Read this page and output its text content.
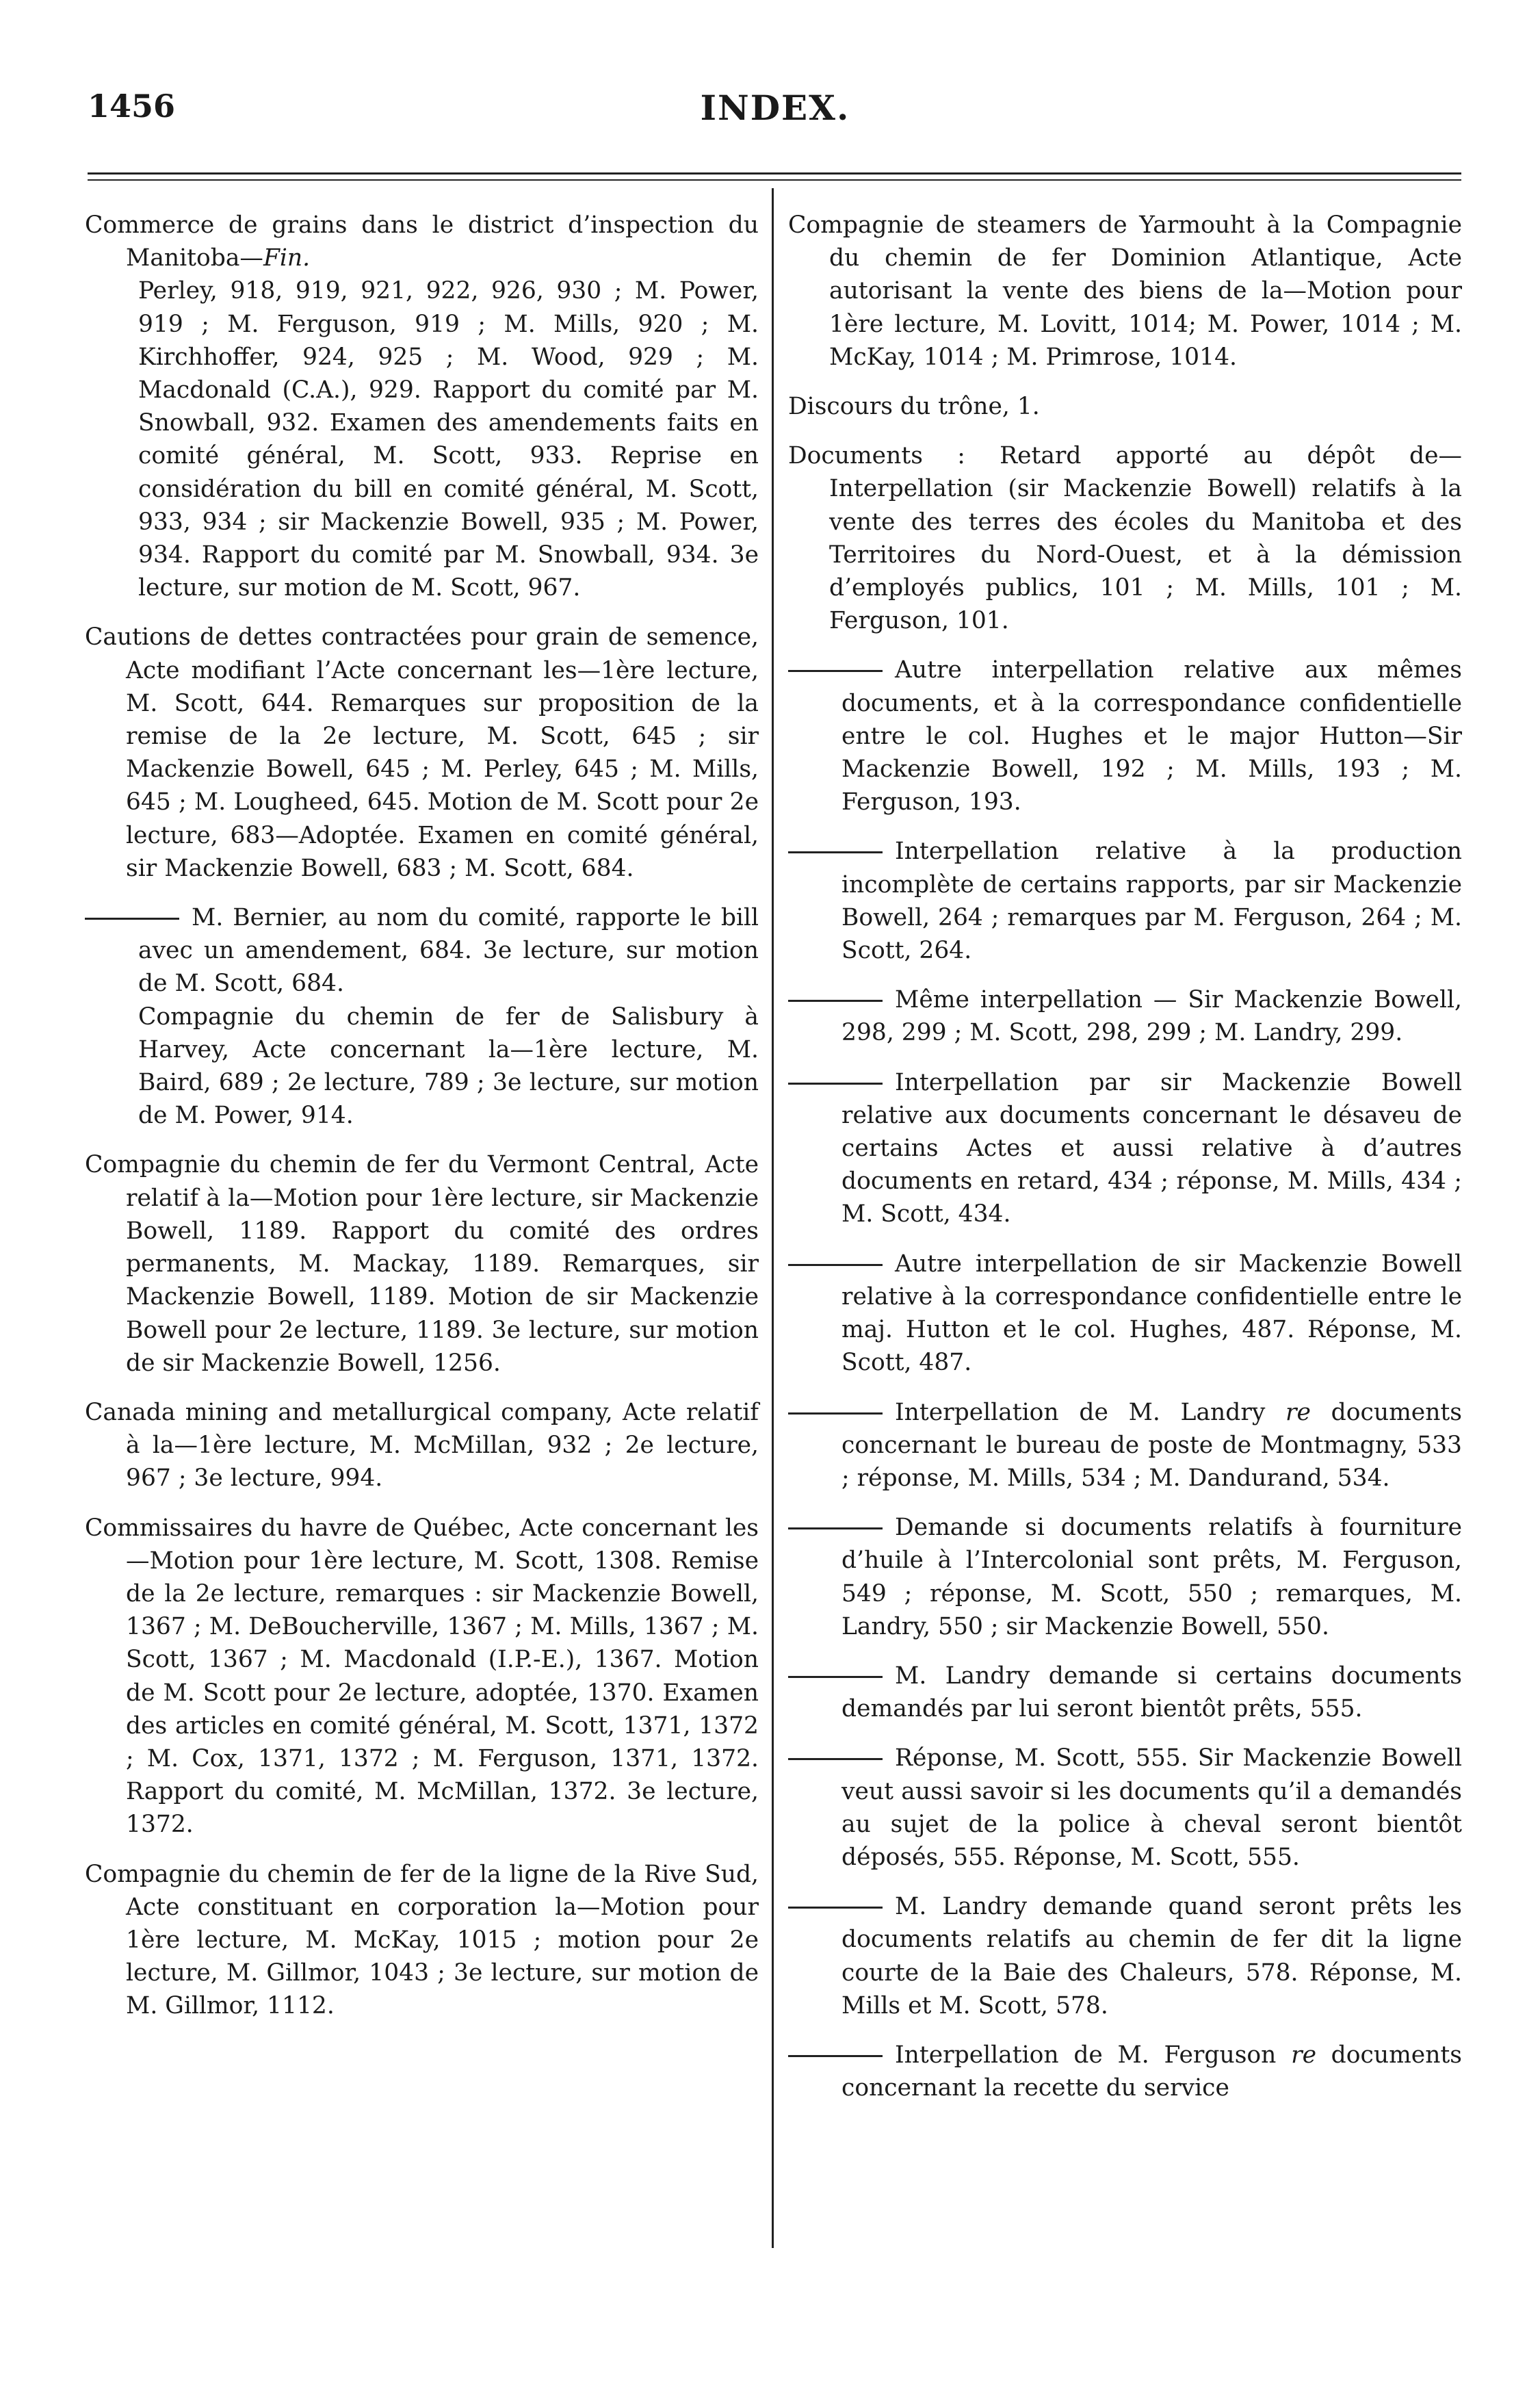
1456	INDEX.

Commerce de grains dans le district d’inspection du Manitoba—Fin.
Perley, 918, 919, 921, 922, 926, 930 ; M. Power, 919 ; M. Ferguson, 919 ; M. Mills, 920 ; M. Kirchhoffer, 924, 925 ; M. Wood, 929 ; M. Macdonald (C.A.), 929. Rapport du comité par M. Snowball, 932. Examen des amendements faits en comité général, M. Scott, 933. Reprise en considération du bill en comité général, M. Scott, 933, 934 ; sir Mackenzie Bowell, 935 ; M. Power, 934. Rapport du comité par M. Snowball, 934. 3e lecture, sur motion de M. Scott, 967.

Cautions de dettes contractées pour grain de semence, Acte modifiant l’Acte concernant les—1ère lecture, M. Scott, 644. Remarques sur proposition de la remise de la 2e lecture, M. Scott, 645 ; sir Mackenzie Bowell, 645 ; M. Perley, 645 ; M. Mills, 645 ; M. Lougheed, 645. Motion de M. Scott pour 2e lecture, 683—Adoptée. Examen en comité général, sir Mackenzie Bowell, 683 ; M. Scott, 684.

M. Bernier, au nom du comité, rapporte le bill avec un amendement, 684. 3e lecture, sur motion de M. Scott, 684.

Compagnie du chemin de fer de Salisbury à Harvey, Acte concernant la—1ère lecture, M. Baird, 689 ; 2e lecture, 789 ; 3e lecture, sur motion de M. Power, 914.

Compagnie du chemin de fer du Vermont Central, Acte relatif à la—Motion pour 1ère lecture, sir Mackenzie Bowell, 1189. Rapport du comité des ordres permanents, M. Mackay, 1189. Remarques, sir Mackenzie Bowell, 1189. Motion de sir Mackenzie Bowell pour 2e lecture, 1189. 3e lecture, sur motion de sir Mackenzie Bowell, 1256.

Canada mining and metallurgical company, Acte relatif à la—1ère lecture, M. McMillan, 932 ; 2e lecture, 967 ; 3e lecture, 994.

Commissaires du havre de Québec, Acte concernant les—Motion pour 1ère lecture, M. Scott, 1308. Remise de la 2e lecture, remarques : sir Mackenzie Bowell, 1367 ; M. DeBoucherville, 1367 ; M. Mills, 1367 ; M. Scott, 1367 ; M. Macdonald (I.P.-E.), 1367. Motion de M. Scott pour 2e lecture, adoptée, 1370. Examen des articles en comité général, M. Scott, 1371, 1372 ; M. Cox, 1371, 1372 ; M. Ferguson, 1371, 1372. Rapport du comité, M. McMillan, 1372. 3e lecture, 1372.

Compagnie du chemin de fer de la ligne de la Rive Sud, Acte constituant en corporation la—Motion pour 1ère lecture, M. McKay, 1015 ; motion pour 2e lecture, M. Gillmor, 1043 ; 3e lecture, sur motion de M. Gillmor, 1112.

Compagnie de steamers de Yarmouht à la Compagnie du chemin de fer Dominion Atlantique, Acte autorisant la vente des biens de la—Motion pour 1ère lecture, M. Lovitt, 1014; M. Power, 1014 ; M. McKay, 1014 ; M. Primrose, 1014.

Discours du trône, 1.

Documents : Retard apporté au dépôt de—Interpellation (sir Mackenzie Bowell) relatifs à la vente des terres des écoles du Manitoba et des Territoires du Nord-Ouest, et à la démission d’employés publics, 101 ; M. Mills, 101 ; M. Ferguson, 101.

Autre interpellation relative aux mêmes documents, et à la correspondance confidentielle entre le col. Hughes et le major Hutton—Sir Mackenzie Bowell, 192 ; M. Mills, 193 ; M. Ferguson, 193.

Interpellation relative à la production incomplète de certains rapports, par sir Mackenzie Bowell, 264 ; remarques par M. Ferguson, 264 ; M. Scott, 264.

Même interpellation — Sir Mackenzie Bowell, 298, 299 ; M. Scott, 298, 299 ; M. Landry, 299.

Interpellation par sir Mackenzie Bowell relative aux documents concernant le désaveu de certains Actes et aussi relative à d’autres documents en retard, 434 ; réponse, M. Mills, 434 ; M. Scott, 434.

Autre interpellation de sir Mackenzie Bowell relative à la correspondance confidentielle entre le maj. Hutton et le col. Hughes, 487. Réponse, M. Scott, 487.

Interpellation de M. Landry re documents concernant le bureau de poste de Montmagny, 533 ; réponse, M. Mills, 534 ; M. Dandurand, 534.

Demande si documents relatifs à fourniture d’huile à l’Intercolonial sont prêts, M. Ferguson, 549 ; réponse, M. Scott, 550 ; remarques, M. Landry, 550 ; sir Mackenzie Bowell, 550.

M. Landry demande si certains documents demandés par lui seront bientôt prêts, 555.

Réponse, M. Scott, 555. Sir Mackenzie Bowell veut aussi savoir si les documents qu’il a demandés au sujet de la police à cheval seront bientôt déposés, 555. Réponse, M. Scott, 555.

M. Landry demande quand seront prêts les documents relatifs au chemin de fer dit la ligne courte de la Baie des Chaleurs, 578. Réponse, M. Mills et M. Scott, 578.

Interpellation de M. Ferguson re documents concernant la recette du service
